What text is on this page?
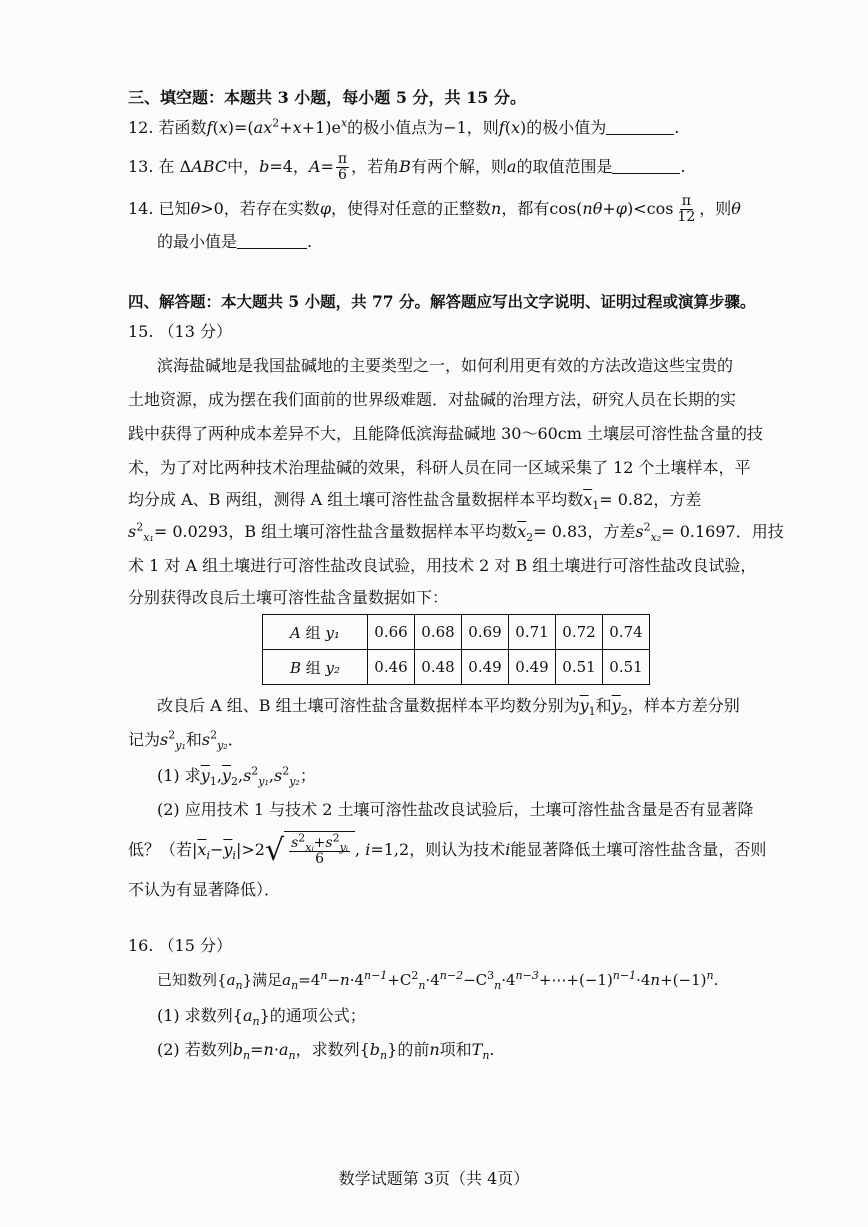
三、填空题：本题共 3 小题，每小题 5 分，共 15 分。
12. 若函数$f(x)=(ax^2+x+1)e^x$的极小值点为−1，则f(x)的极小值为	.
13. 在 ΔABC中，b=4，$A= \frac{\pi}{6}$ ，若角B有两个解，则a的取值范围是	.
14. 已知θ>0，若存在实数φ，使得对任意的正整数n，都有$\cos(n\theta+\varphi)<\cos \frac{\pi}{12}$ ，则θ
的最小值是	.
四、解答题：本大题共 5 小题，共 77 分。解答题应写出文字说明、证明过程或演算步骤。
15. （13 分）
滨海盐碱地是我国盐碱地的主要类型之一，如何利用更有效的方法改造这些宝贵的
土地资源，成为摆在我们面前的世界级难题．对盐碱的治理方法，研究人员在长期的实
践中获得了两种成本差异不大，且能降低滨海盐碱地 30～60cm 土壤层可溶性盐含量的技
术，为了对比两种技术治理盐碱的效果，科研人员在同一区域采集了 12 个土壤样本，平
均分成 A、B 两组，测得 A 组土壤可溶性盐含量数据样本平均数$\overline{x}_1= 0.82$，方差
$s^2_{x_1}= 0.0293$，B 组土壤可溶性盐含量数据样本平均数$\overline{x}_2= 0.83$，方差$s^2_{x_2}= 0.1697$．用技
术 1 对 A 组土壤进行可溶性盐改良试验，用技术 2 对 B 组土壤进行可溶性盐改良试验，
分别获得改良后土壤可溶性盐含量数据如下：
A 组 y₁	0.66	0.68	0.69	0.71	0.72	0.74
B 组 y₂	0.46	0.48	0.49	0.49	0.51	0.51
改良后 A 组、B 组土壤可溶性盐含量数据样本平均数分别为$\overline{y}_1$和$\overline{y}_2$，样本方差分别
记为$s^2_{y_1}$和$s^2_{y_2}$．
(1) 求$\overline{y}_1,\overline{y}_2,s^2_{y_1},s^2_{y_2}$；
(2) 应用技术 1 与技术 2 土壤可溶性盐改良试验后，土壤可溶性盐含量是否有显著降
低？（若$|\overline{x}_i-\overline{y}_i|>2$ √ $\frac{s^2_{xᵢ}+s^2_{yᵢ}}{6}$ , i=1,2，则认为技术i能显著降低土壤可溶性盐含量，否则
不认为有显著降低）．
16. （15 分）
已知数列$\{a_n\}$满足$a_n=4^n-n\cdot 4^{n-1}+C^2_n\cdot 4^{n-2}-C^3_n\cdot 4^{n-3}+\cdots+(-1)^{n-1}\cdot 4n+(-1)^n$.
(1) 求数列$\{a_n\}$的通项公式；
(2) 若数列$b_n=n\cdot a_n$，求数列$\{b_n\}$的前n项和$T_n$.
数学试题第 3页（共 4页）
